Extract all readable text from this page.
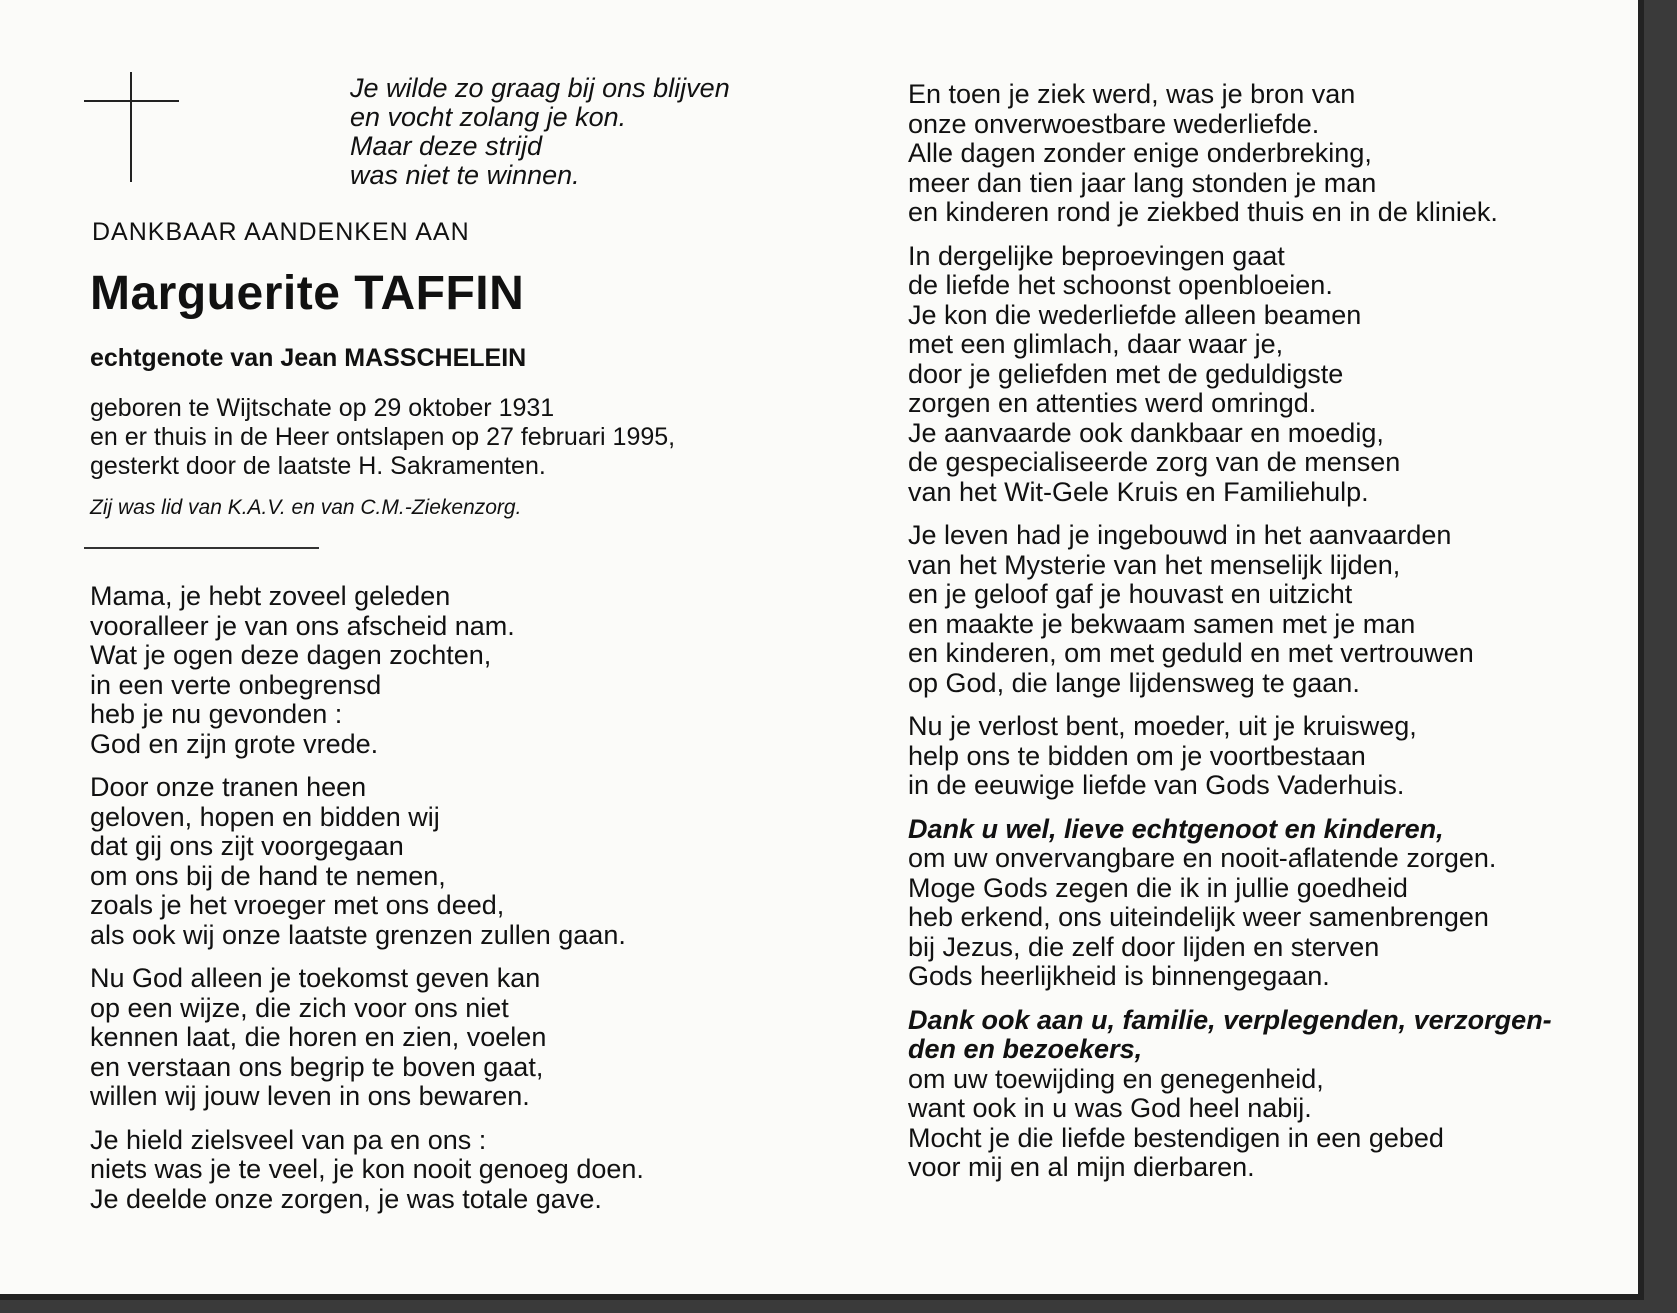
Je wilde zo graag bij ons blijven
en vocht zolang je kon.
Maar deze strijd
was niet te winnen.
DANKBAAR AANDENKEN AAN
Marguerite TAFFIN
echtgenote van Jean MASSCHELEIN
geboren te Wijtschate op 29 oktober 1931
en er thuis in de Heer ontslapen op 27 februari 1995,
gesterkt door de laatste H. Sakramenten.
Zij was lid van K.A.V. en van C.M.-Ziekenzorg.
Mama, je hebt zoveel geleden
vooralleer je van ons afscheid nam.
Wat je ogen deze dagen zochten,
in een verte onbegrensd
heb je nu gevonden :
God en zijn grote vrede.
Door onze tranen heen
geloven, hopen en bidden wij
dat gij ons zijt voorgegaan
om ons bij de hand te nemen,
zoals je het vroeger met ons deed,
als ook wij onze laatste grenzen zullen gaan.
Nu God alleen je toekomst geven kan
op een wijze, die zich voor ons niet
kennen laat, die horen en zien, voelen
en verstaan ons begrip te boven gaat,
willen wij jouw leven in ons bewaren.
Je hield zielsveel van pa en ons :
niets was je te veel, je kon nooit genoeg doen.
Je deelde onze zorgen, je was totale gave.
En toen je ziek werd, was je bron van
onze onverwoestbare wederliefde.
Alle dagen zonder enige onderbreking,
meer dan tien jaar lang stonden je man
en kinderen rond je ziekbed thuis en in de kliniek.
In dergelijke beproevingen gaat
de liefde het schoonst openbloeien.
Je kon die wederliefde alleen beamen
met een glimlach, daar waar je,
door je geliefden met de geduldigste
zorgen en attenties werd omringd.
Je aanvaarde ook dankbaar en moedig,
de gespecialiseerde zorg van de mensen
van het Wit-Gele Kruis en Familiehulp.
Je leven had je ingebouwd in het aanvaarden
van het Mysterie van het menselijk lijden,
en je geloof gaf je houvast en uitzicht
en maakte je bekwaam samen met je man
en kinderen, om met geduld en met vertrouwen
op God, die lange lijdensweg te gaan.
Nu je verlost bent, moeder, uit je kruisweg,
help ons te bidden om je voortbestaan
in de eeuwige liefde van Gods Vaderhuis.
Dank u wel, lieve echtgenoot en kinderen,
om uw onvervangbare en nooit-aflatende zorgen.
Moge Gods zegen die ik in jullie goedheid
heb erkend, ons uiteindelijk weer samenbrengen
bij Jezus, die zelf door lijden en sterven
Gods heerlijkheid is binnengegaan.
Dank ook aan u, familie, verplegenden, verzorgen-
den en bezoekers,
om uw toewijding en genegenheid,
want ook in u was God heel nabij.
Mocht je die liefde bestendigen in een gebed
voor mij en al mijn dierbaren.
